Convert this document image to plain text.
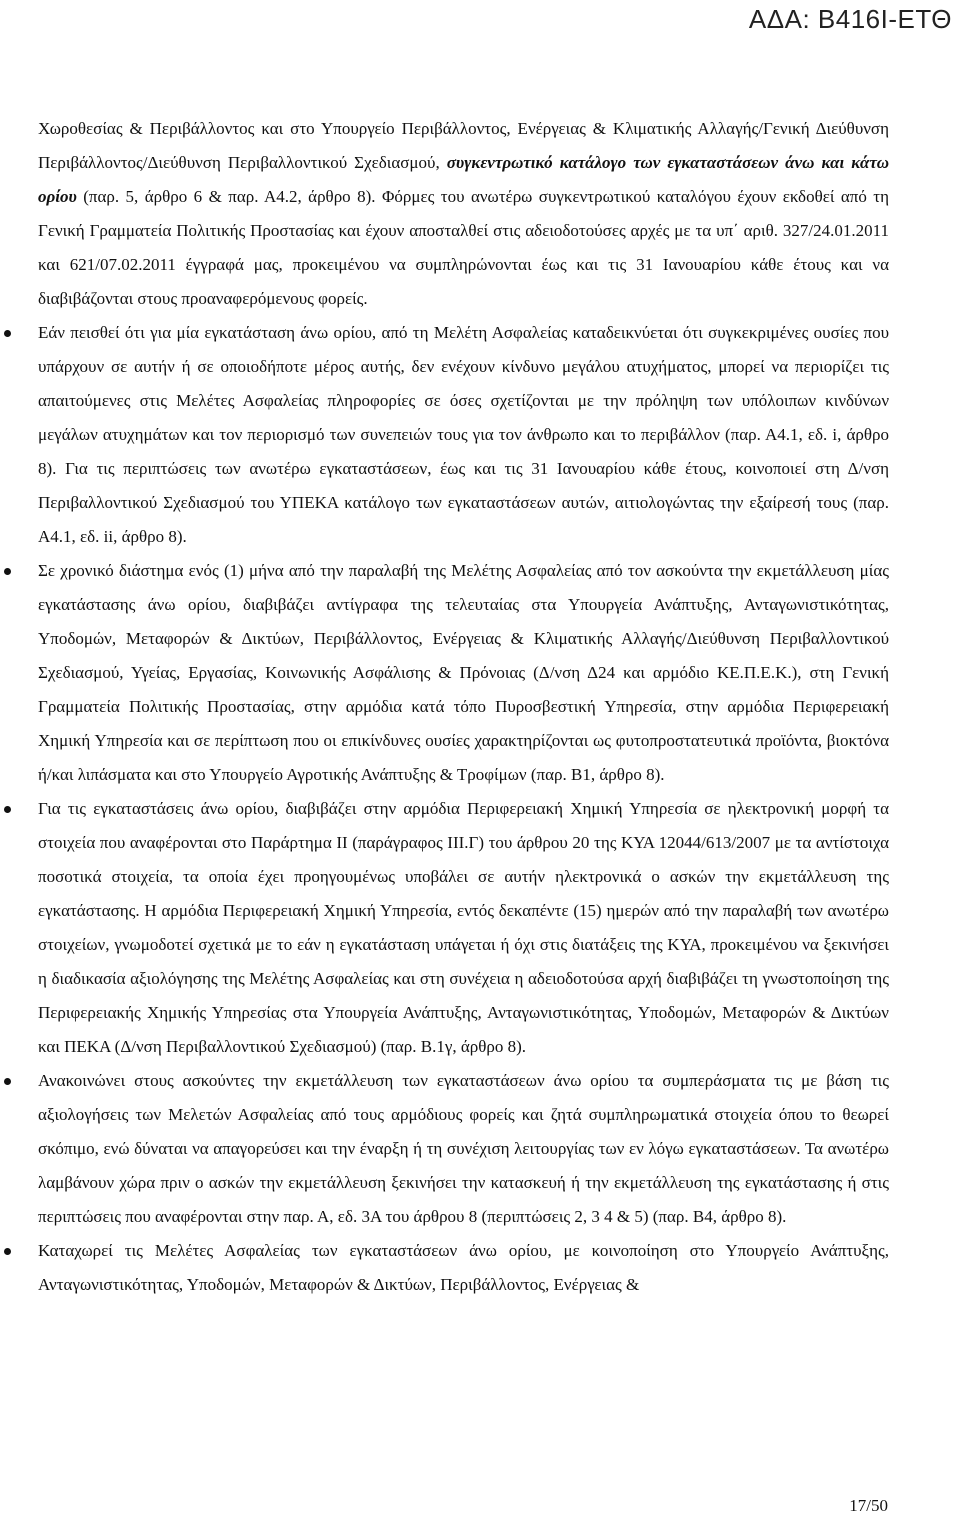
ΑΔΑ: Β416Ι-ΕΤΘ

Χωροθεσίας & Περιβάλλοντος και στο Υπουργείο Περιβάλλοντος, Ενέργειας & Κλιματικής Αλλαγής/Γενική Διεύθυνση Περιβάλλοντος/Διεύθυνση Περιβαλλοντικού Σχεδιασμού, συγκεντρωτικό κατάλογο των εγκαταστάσεων άνω και κάτω ορίου (παρ. 5, άρθρο 6 & παρ. Α4.2, άρθρο 8). Φόρμες του ανωτέρω συγκεντρωτικού καταλόγου έχουν εκδοθεί από τη Γενική Γραμματεία Πολιτικής Προστασίας και έχουν αποσταλθεί στις αδειοδοτούσες αρχές με τα υπ΄ αριθ. 327/24.01.2011 και 621/07.02.2011 έγγραφά μας, προκειμένου να συμπληρώνονται έως και τις 31 Ιανουαρίου κάθε έτους και να διαβιβάζονται στους προαναφερόμενους φορείς.

Εάν πεισθεί ότι για μία εγκατάσταση άνω ορίου, από τη Μελέτη Ασφαλείας καταδεικνύεται ότι συγκεκριμένες ουσίες που υπάρχουν σε αυτήν ή σε οποιοδήποτε μέρος αυτής, δεν ενέχουν κίνδυνο μεγάλου ατυχήματος, μπορεί να περιορίζει τις απαιτούμενες στις Μελέτες Ασφαλείας πληροφορίες σε όσες σχετίζονται με την πρόληψη των υπόλοιπων κινδύνων μεγάλων ατυχημάτων και τον περιορισμό των συνεπειών τους για τον άνθρωπο και το περιβάλλον (παρ. Α4.1, εδ. i, άρθρο 8). Για τις περιπτώσεις των ανωτέρω εγκαταστάσεων, έως και τις 31 Ιανουαρίου κάθε έτους, κοινοποιεί στη Δ/νση Περιβαλλοντικού Σχεδιασμού του ΥΠΕΚΑ κατάλογο των εγκαταστάσεων αυτών, αιτιολογώντας την εξαίρεσή τους (παρ. Α4.1, εδ. ii, άρθρο 8).
Σε χρονικό διάστημα ενός (1) μήνα από την παραλαβή της Μελέτης Ασφαλείας από τον ασκούντα την εκμετάλλευση μίας εγκατάστασης άνω ορίου, διαβιβάζει αντίγραφα της τελευταίας στα Υπουργεία Ανάπτυξης, Ανταγωνιστικότητας, Υποδομών, Μεταφορών & Δικτύων, Περιβάλλοντος, Ενέργειας & Κλιματικής Αλλαγής/Διεύθυνση Περιβαλλοντικού Σχεδιασμού, Υγείας, Εργασίας, Κοινωνικής Ασφάλισης & Πρόνοιας (Δ/νση Δ24 και αρμόδιο ΚΕ.Π.Ε.Κ.), στη Γενική Γραμματεία Πολιτικής Προστασίας, στην αρμόδια κατά τόπο Πυροσβεστική Υπηρεσία, στην αρμόδια Περιφερειακή Χημική Υπηρεσία και σε περίπτωση που οι επικίνδυνες ουσίες χαρακτηρίζονται ως φυτοπροστατευτικά προϊόντα, βιοκτόνα ή/και λιπάσματα και στο Υπουργείο Αγροτικής Ανάπτυξης & Τροφίμων (παρ. Β1, άρθρο 8).
Για τις εγκαταστάσεις άνω ορίου, διαβιβάζει στην αρμόδια Περιφερειακή Χημική Υπηρεσία σε ηλεκτρονική μορφή τα στοιχεία που αναφέρονται στο Παράρτημα ΙΙ (παράγραφος ΙΙΙ.Γ) του άρθρου 20 της ΚΥΑ 12044/613/2007 με τα αντίστοιχα ποσοτικά στοιχεία, τα οποία έχει προηγουμένως υποβάλει σε αυτήν ηλεκτρονικά ο ασκών την εκμετάλλευση της εγκατάστασης. Η αρμόδια Περιφερειακή Χημική Υπηρεσία, εντός δεκαπέντε (15) ημερών από την παραλαβή των ανωτέρω στοιχείων, γνωμοδοτεί σχετικά με το εάν η εγκατάσταση υπάγεται ή όχι στις διατάξεις της ΚΥΑ, προκειμένου να ξεκινήσει η διαδικασία αξιολόγησης της Μελέτης Ασφαλείας και στη συνέχεια η αδειοδοτούσα αρχή διαβιβάζει τη γνωστοποίηση της Περιφερειακής Χημικής Υπηρεσίας στα Υπουργεία Ανάπτυξης, Ανταγωνιστικότητας, Υποδομών, Μεταφορών & Δικτύων και ΠΕΚΑ (Δ/νση Περιβαλλοντικού Σχεδιασμού) (παρ. Β.1γ, άρθρο 8).
Ανακοινώνει στους ασκούντες την εκμετάλλευση των εγκαταστάσεων άνω ορίου τα συμπεράσματα τις με βάση τις αξιολογήσεις των Μελετών Ασφαλείας από τους αρμόδιους φορείς και ζητά συμπληρωματικά στοιχεία όπου το θεωρεί σκόπιμο, ενώ δύναται να απαγορεύσει και την έναρξη ή τη συνέχιση λειτουργίας των εν λόγω εγκαταστάσεων. Τα ανωτέρω λαμβάνουν χώρα πριν ο ασκών την εκμετάλλευση ξεκινήσει την κατασκευή ή την εκμετάλλευση της εγκατάστασης ή στις περιπτώσεις που αναφέρονται στην παρ. Α, εδ. 3Α του άρθρου 8 (περιπτώσεις 2, 3 4 & 5) (παρ. Β4, άρθρο 8).
Καταχωρεί τις Μελέτες Ασφαλείας των εγκαταστάσεων άνω ορίου, με κοινοποίηση στο Υπουργείο Ανάπτυξης, Ανταγωνιστικότητας, Υποδομών, Μεταφορών & Δικτύων, Περιβάλλοντος, Ενέργειας &
17/50
